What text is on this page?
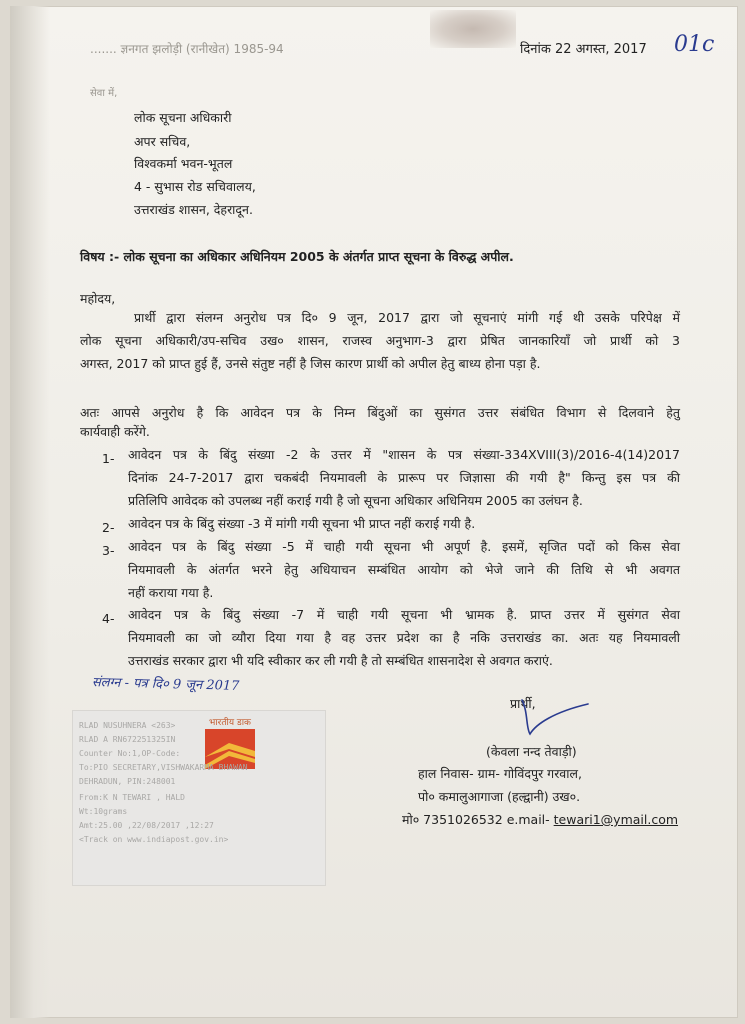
....... ज्ञनगत झलोड़ी (रानीखेत) 1985-94	दिनांक 22 अगस्त, 2017 01c
सेवा में,
लोक सूचना अधिकारी
अपर सचिव,
विश्वकर्मा भवन-भूतल
4 - सुभास रोड सचिवालय,
उत्तराखंड शासन, देहरादून.
विषय :- लोक सूचना का अधिकार अधिनियम 2005 के अंतर्गत प्राप्त सूचना के विरुद्ध अपील.
महोदय,
प्रार्थी द्वारा संलग्न अनुरोध पत्र दि० 9 जून, 2017 द्वारा जो सूचनाएं मांगी गई थी उसके परिपेक्ष में
लोक सूचना अधिकारी/उप-सचिव उख० शासन, राजस्व अनुभाग-3 द्वारा प्रेषित जानकारियाँ जो प्रार्थी को 3
अगस्त, 2017 को प्राप्त हुई हैं, उनसे संतुष्ट नहीं है जिस कारण प्रार्थी को अपील हेतु बाध्य होना पड़ा है.
अतः आपसे अनुरोध है कि आवेदन पत्र के निम्न बिंदुओं का सुसंगत उत्तर संबंधित विभाग से दिलवाने हेतु
कार्यवाही करेंगे.
1- आवेदन पत्र के बिंदु संख्या -2 के उत्तर में "शासन के पत्र संख्या-334XVIII(3)/2016-4(14)2017
दिनांक 24-7-2017 द्वारा चकबंदी नियमावली के प्रारूप पर जिज्ञासा की गयी है" किन्तु इस पत्र की
प्रतिलिपि आवेदक को उपलब्ध नहीं कराई गयी है जो सूचना अधिकार अधिनियम 2005 का उलंघन है.
2- आवेदन पत्र के बिंदु संख्या -3 में मांगी गयी सूचना भी प्राप्त नहीं कराई गयी है.
3- आवेदन पत्र के बिंदु संख्या -5 में चाही गयी सूचना भी अपूर्ण है. इसमें, सृजित पदों को किस सेवा
नियमावली के अंतर्गत भरने हेतु अधियाचन सम्बंधित आयोग को भेजे जाने की तिथि से भी अवगत
नहीं कराया गया है.
4- आवेदन पत्र के बिंदु संख्या -7 में चाही गयी सूचना भी भ्रामक है. प्राप्त उत्तर में सुसंगत सेवा
नियमावली का जो व्यौरा दिया गया है वह उत्तर प्रदेश का है नकि उत्तराखंड का. अतः यह नियमावली
उत्तराखंड सरकार द्वारा भी यदि स्वीकार कर ली गयी है तो सम्बंधित शासनादेश से अवगत कराएं.
संलग्न - पत्र दि० 9 जून 2017
प्रार्थी,
(केवला नन्द तेवाड़ी)
हाल निवास- ग्राम- गोविंदपुर गरवाल,
पो० कमालुआगाजा (हल्द्वानी) उख०.
मो० 7351026532 e.mail- tewari1@ymail.com
भारतीय डाक
RLAD NUSUHNERA <263>
RLAD A RN672251325IN
Counter No:1,OP-Code:
To:PIO SECRETARY,VISHWAKARMA BHAWAN
DEHRADUN, PIN:248001
From:K N TEWARI , HALD
Wt:10grams
Amt:25.00 ,22/08/2017 ,12:27
<Track on www.indiapost.gov.in>
